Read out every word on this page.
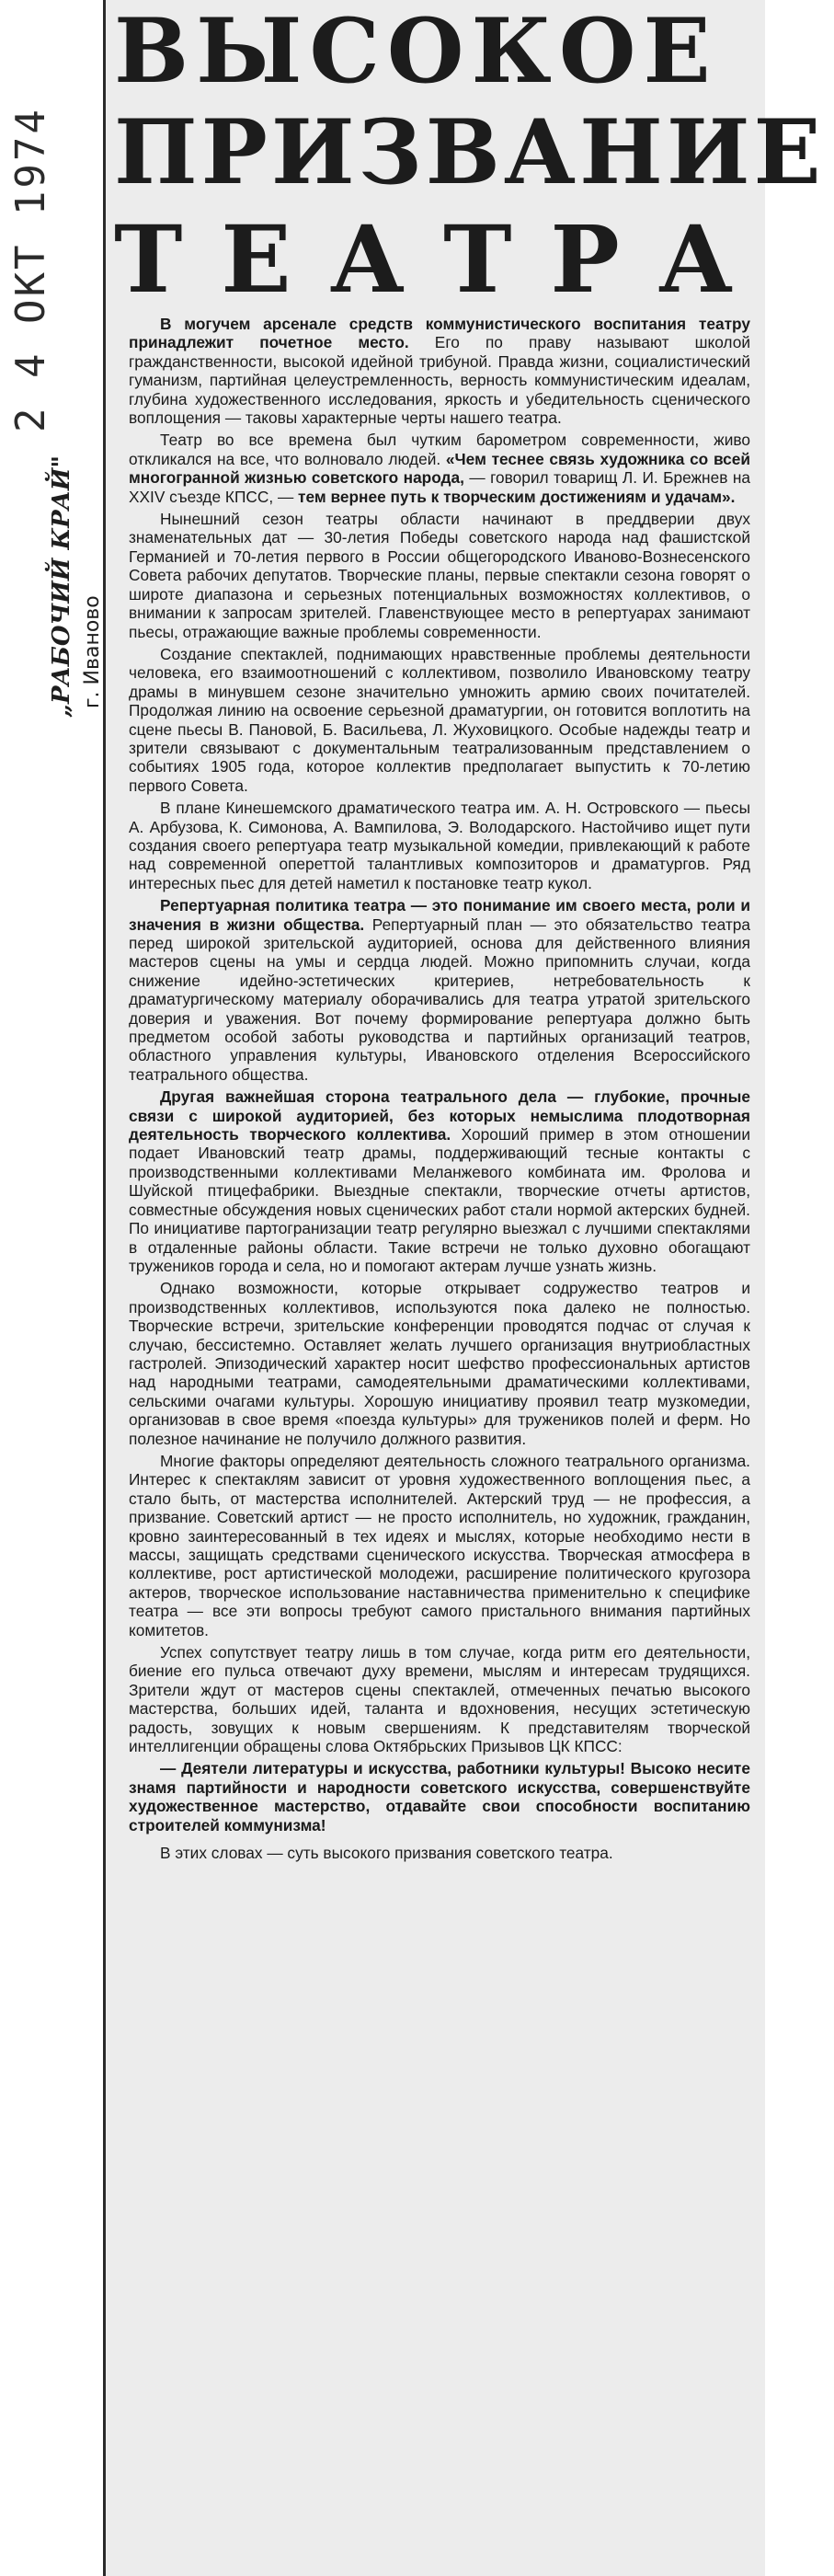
2 4 ОКТ 1974
„РАБОЧИЙ КРАЙ" г. Иваново
ВЫСОКОЕ
ПРИЗВАНИЕ
ТЕАТРА

В могучем арсенале средств коммунистического воспитания театру принадлежит почетное место. Его по праву называют школой гражданственности, высокой идейной трибуной. Правда жизни, социалистический гуманизм, партийная целеустремленность, верность коммунистическим идеалам, глубина художественного исследования, яркость и убедительность сценического воплощения — таковы характерные черты нашего театра.

Театр во все времена был чутким барометром современности, живо откликался на все, что волновало людей. «Чем теснее связь художника со всей многогранной жизнью советского народа, — говорил товарищ Л. И. Брежнев на XXIV съезде КПСС, — тем вернее путь к творческим достижениям и удачам».

Нынешний сезон театры области начинают в преддверии двух знаменательных дат — 30-летия Победы советского народа над фашистской Германией и 70-летия первого в России общегородского Иваново-Вознесенского Совета рабочих депутатов. Творческие планы, первые спектакли сезона говорят о широте диапазона и серьезных потенциальных возможностях коллективов, о внимании к запросам зрителей. Главенствующее место в репертуарах занимают пьесы, отражающие важные проблемы современности.

Создание спектаклей, поднимающих нравственные проблемы деятельности человека, его взаимоотношений с коллективом, позволило Ивановскому театру драмы в минувшем сезоне значительно умножить армию своих почитателей. Продолжая линию на освоение серьезной драматургии, он готовится воплотить на сцене пьесы В. Пановой, Б. Васильева, Л. Жуховицкого. Особые надежды театр и зрители связывают с документальным театрализованным представлением о событиях 1905 года, которое коллектив предполагает выпустить к 70-летию первого Совета.

В плане Кинешемского драматического театра им. А. Н. Островского — пьесы А. Арбузова, К. Симонова, А. Вампилова, Э. Володарского. Настойчиво ищет пути создания своего репертуара театр музыкальной комедии, привлекающий к работе над современной опереттой талантливых композиторов и драматургов. Ряд интересных пьес для детей наметил к постановке театр кукол.

Репертуарная политика театра — это понимание им своего места, роли и значения в жизни общества. Репертуарный план — это обязательство театра перед широкой зрительской аудиторией, основа для действенного влияния мастеров сцены на умы и сердца людей. Можно припомнить случаи, когда снижение идейно-эстетических критериев, нетребовательность к драматургическому материалу оборачивались для театра утратой зрительского доверия и уважения. Вот почему формирование репертуара должно быть предметом особой заботы руководства и партийных организаций театров, областного управления культуры, Ивановского отделения Всероссийского театрального общества.

Другая важнейшая сторона театрального дела — глубокие, прочные связи с широкой аудиторией, без которых немыслима плодотворная деятельность творческого коллектива. Хороший пример в этом отношении подает Ивановский театр драмы, поддерживающий тесные контакты с производственными коллективами Меланжевого комбината им. Фролова и Шуйской птицефабрики. Выездные спектакли, творческие отчеты артистов, совместные обсуждения новых сценических работ стали нормой актерских будней. По инициативе партогранизации театр регулярно выезжал с лучшими спектаклями в отдаленные районы области. Такие встречи не только духовно обогащают тружеников города и села, но и помогают актерам лучше узнать жизнь.

Однако возможности, которые открывает содружество театров и производственных коллективов, используются пока далеко не полностью. Творческие встречи, зрительские конференции проводятся подчас от случая к случаю, бессистемно. Оставляет желать лучшего организация внутриобластных гастролей. Эпизодический характер носит шефство профессиональных артистов над народными театрами, самодеятельными драматическими коллективами, сельскими очагами культуры. Хорошую инициативу проявил театр музкомедии, организовав в свое время «поезда культуры» для тружеников полей и ферм. Но полезное начинание не получило должного развития.

Многие факторы определяют деятельность сложного театрального организма. Интерес к спектаклям зависит от уровня художественного воплощения пьес, а стало быть, от мастерства исполнителей. Актерский труд — не профессия, а призвание. Советский артист — не просто исполнитель, но художник, гражданин, кровно заинтересованный в тех идеях и мыслях, которые необходимо нести в массы, защищать средствами сценического искусства. Творческая атмосфера в коллективе, рост артистической молодежи, расширение политического кругозора актеров, творческое использование наставничества применительно к специфике театра — все эти вопросы требуют самого пристального внимания партийных комитетов.

Успех сопутствует театру лишь в том случае, когда ритм его деятельности, биение его пульса отвечают духу времени, мыслям и интересам трудящихся. Зрители ждут от мастеров сцены спектаклей, отмеченных печатью высокого мастерства, больших идей, таланта и вдохновения, несущих эстетическую радость, зовущих к новым свершениям. К представителям творческой интеллигенции обращены слова Октябрьских Призывов ЦК КПСС:

— Деятели литературы и искусства, работники культуры! Высоко несите знамя партийности и народности советского искусства, совершенствуйте художественное мастерство, отдавайте свои способности воспитанию строителей коммунизма!

В этих словах — суть высокого призвания советского театра.
